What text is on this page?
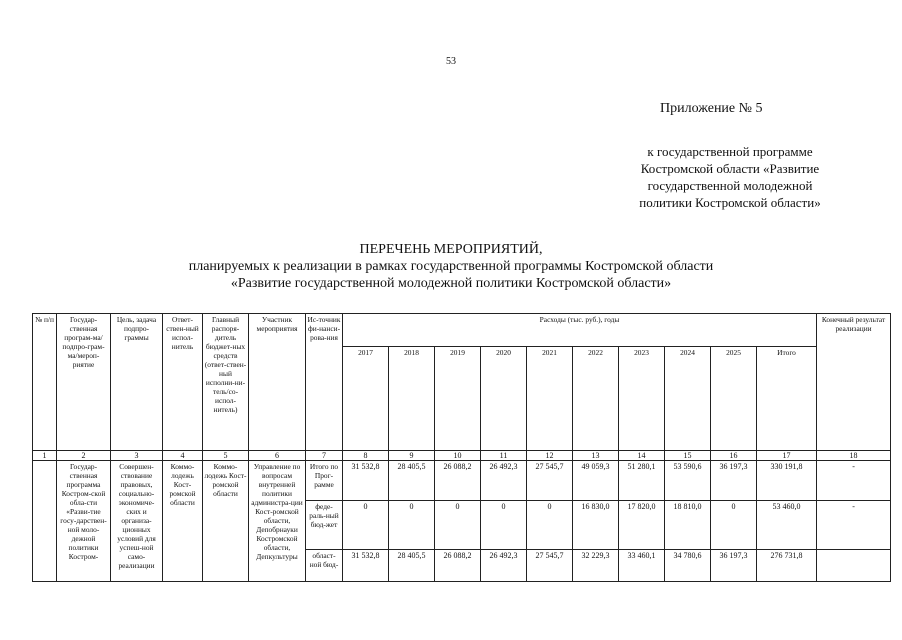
53
Приложение № 5
к государственной программе
Костромской области «Развитие
государственной молодежной
политики Костромской области»
ПЕРЕЧЕНЬ МЕРОПРИЯТИЙ,
планируемых к реализации в рамках государственной программы Костромской области
«Развитие государственной молодежной политики Костромской области»
№ п/п	Государ-ственная програм-ма/подпро-грам-ма/мероп-риятие	Цель, задача подпро-граммы	Ответ-ствен-ный испол-нитель	Главный распоря-дитель бюджет-ных средств (ответ-ствен-ный исполни-ни-тель/со-испол-нитель)	Участник мероприятия	Ис-точник фи-нанси-рова-ния	Расходы (тыс. руб.), годы										Конечный результат реализации
							2017	2018	2019	2020	2021	2022	2023	2024	2025	Итого	
1	2	3	4	5	6	7	8	9	10	11	12	13	14	15	16	17	18
	Государ-ственная программа Костром-ской обла-сти «Разви-тие госу-дарствен-ной моло-дежной политики Костром-	Совершен-ствование правовых, социально-экономиче-ских и организа-ционных условий для успеш-ной само-реализации	Коммо-лодежь Кост-ромской области	Коммо-лодежь Кост-ромской области	Управление по вопросам внутренней политики администра-ции Кост-ромской области, Депобрнауки Костромской области, Депкультуры	Итого по Прог-рамме	31 532,8	28 405,5	26 088,2	26 492,3	27 545,7	49 059,3	51 280,1	53 590,6	36 197,3	330 191,8	-
						феде-раль-ный бюд-жет	0	0	0	0	0	16 830,0	17 820,0	18 810,0	0	53 460,0	-
						област-ной бюд-	31 532,8	28 405,5	26 088,2	26 492,3	27 545,7	32 229,3	33 460,1	34 780,6	36 197,3	276 731,8	
